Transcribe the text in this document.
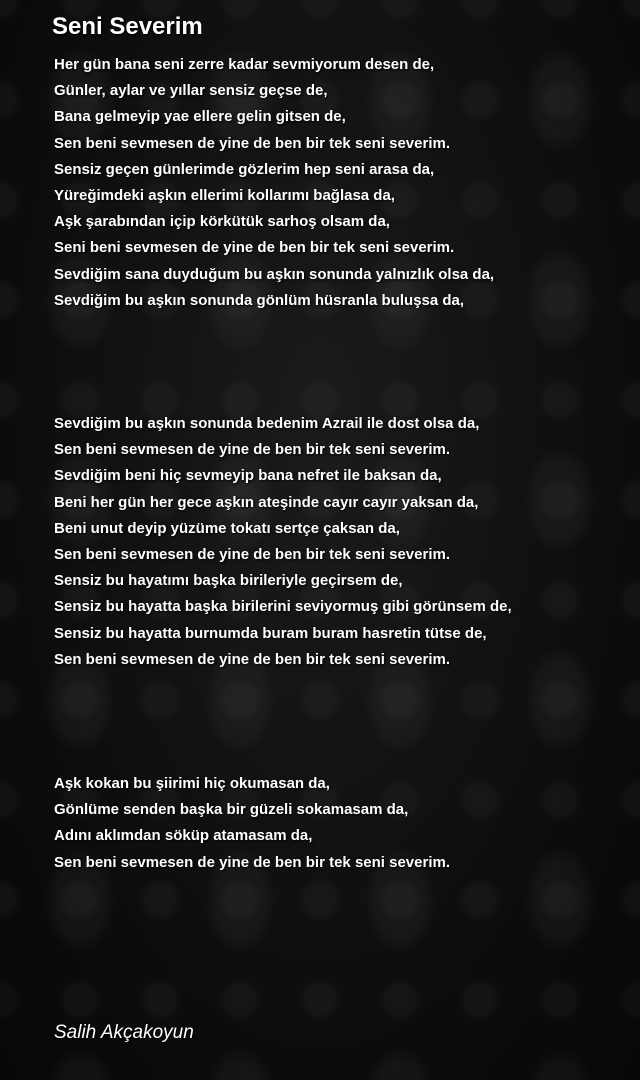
Seni Severim
Her gün bana seni zerre kadar sevmiyorum desen de,
Günler, aylar ve yıllar sensiz geçse de,
Bana gelmeyip yae ellere gelin gitsen de,
Sen beni sevmesen de yine de ben bir tek seni severim.
Sensiz geçen günlerimde gözlerim hep seni arasa da,
Yüreğimdeki aşkın ellerimi kollarımı bağlasa da,
Aşk şarabından içip körkütük sarhoş olsam da,
Seni beni sevmesen de yine de ben bir tek seni severim.
Sevdiğim sana duyduğum bu aşkın sonunda yalnızlık olsa da,
Sevdiğim bu aşkın sonunda gönlüm hüsranla buluşsa da,
Sevdiğim bu aşkın sonunda bedenim Azrail ile dost olsa da,
Sen beni sevmesen de yine de ben bir tek seni severim.
Sevdiğim beni hiç sevmeyip bana nefret ile baksan da,
Beni her gün her gece aşkın ateşinde cayır cayır yaksan da,
Beni unut deyip yüzüme tokatı sertçe çaksan da,
Sen beni sevmesen de yine de ben bir tek seni severim.
Sensiz bu hayatımı başka birileriyle geçirsem de,
Sensiz bu hayatta başka birilerini seviyormuş gibi görünsem de,
Sensiz bu hayatta burnumda buram buram hasretin tütse de,
Sen beni sevmesen de yine de ben bir tek seni severim.
Aşk kokan bu şiirimi hiç okumasan da,
Gönlüme senden başka bir güzeli sokamasam da,
Adını aklımdan söküp atamasam da,
Sen beni sevmesen de yine de ben bir tek seni severim.

Salih Akçakoyun
